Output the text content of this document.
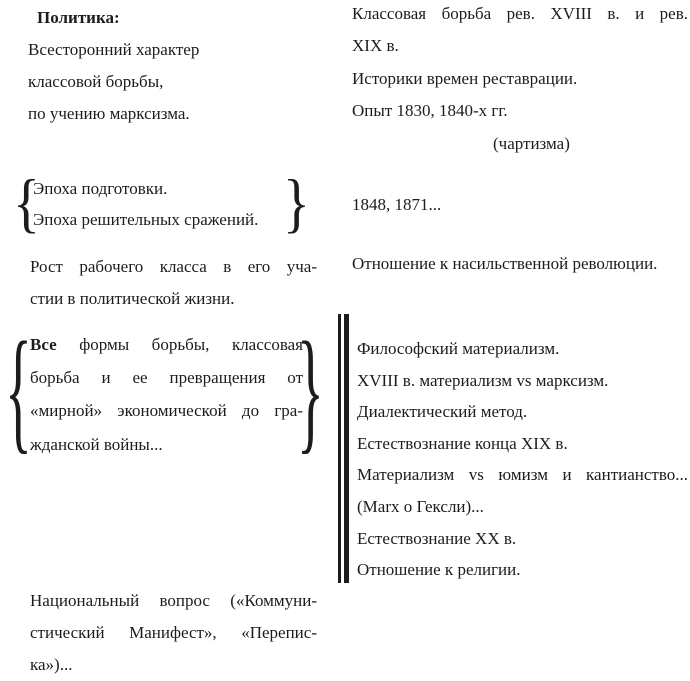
Политика:
Всесторонний характер
классовой борьбы,
по учению марксизма.
Классовая борьба рев. XVIII в. и рев.
XIX в.
Историки времен реставрации.
Опыт 1830, 1840-х гг.
(чартизма)
{
Эпоха подготовки.
Эпоха решительных сражений. } 1848, 1871...
Рост рабочего класса в его уча-
стии в политической жизни.
Отношение к насильственной революции.
{
Все формы борьбы, классовая
борьба и ее превращения от
«мирной» экономической до гра-
жданской войны...	} Философский материализм.
XVIII в. материализм vs марксизм.
Диалектический метод.
Естествознание конца XIX в.
Материализм vs юмизм и кантианство...
(Marx о Гексли)...
Естествознание XX в.
Отношение к религии.
Национальный вопрос («Коммуни-
стический Манифест», «Перепис-
ка»)...
